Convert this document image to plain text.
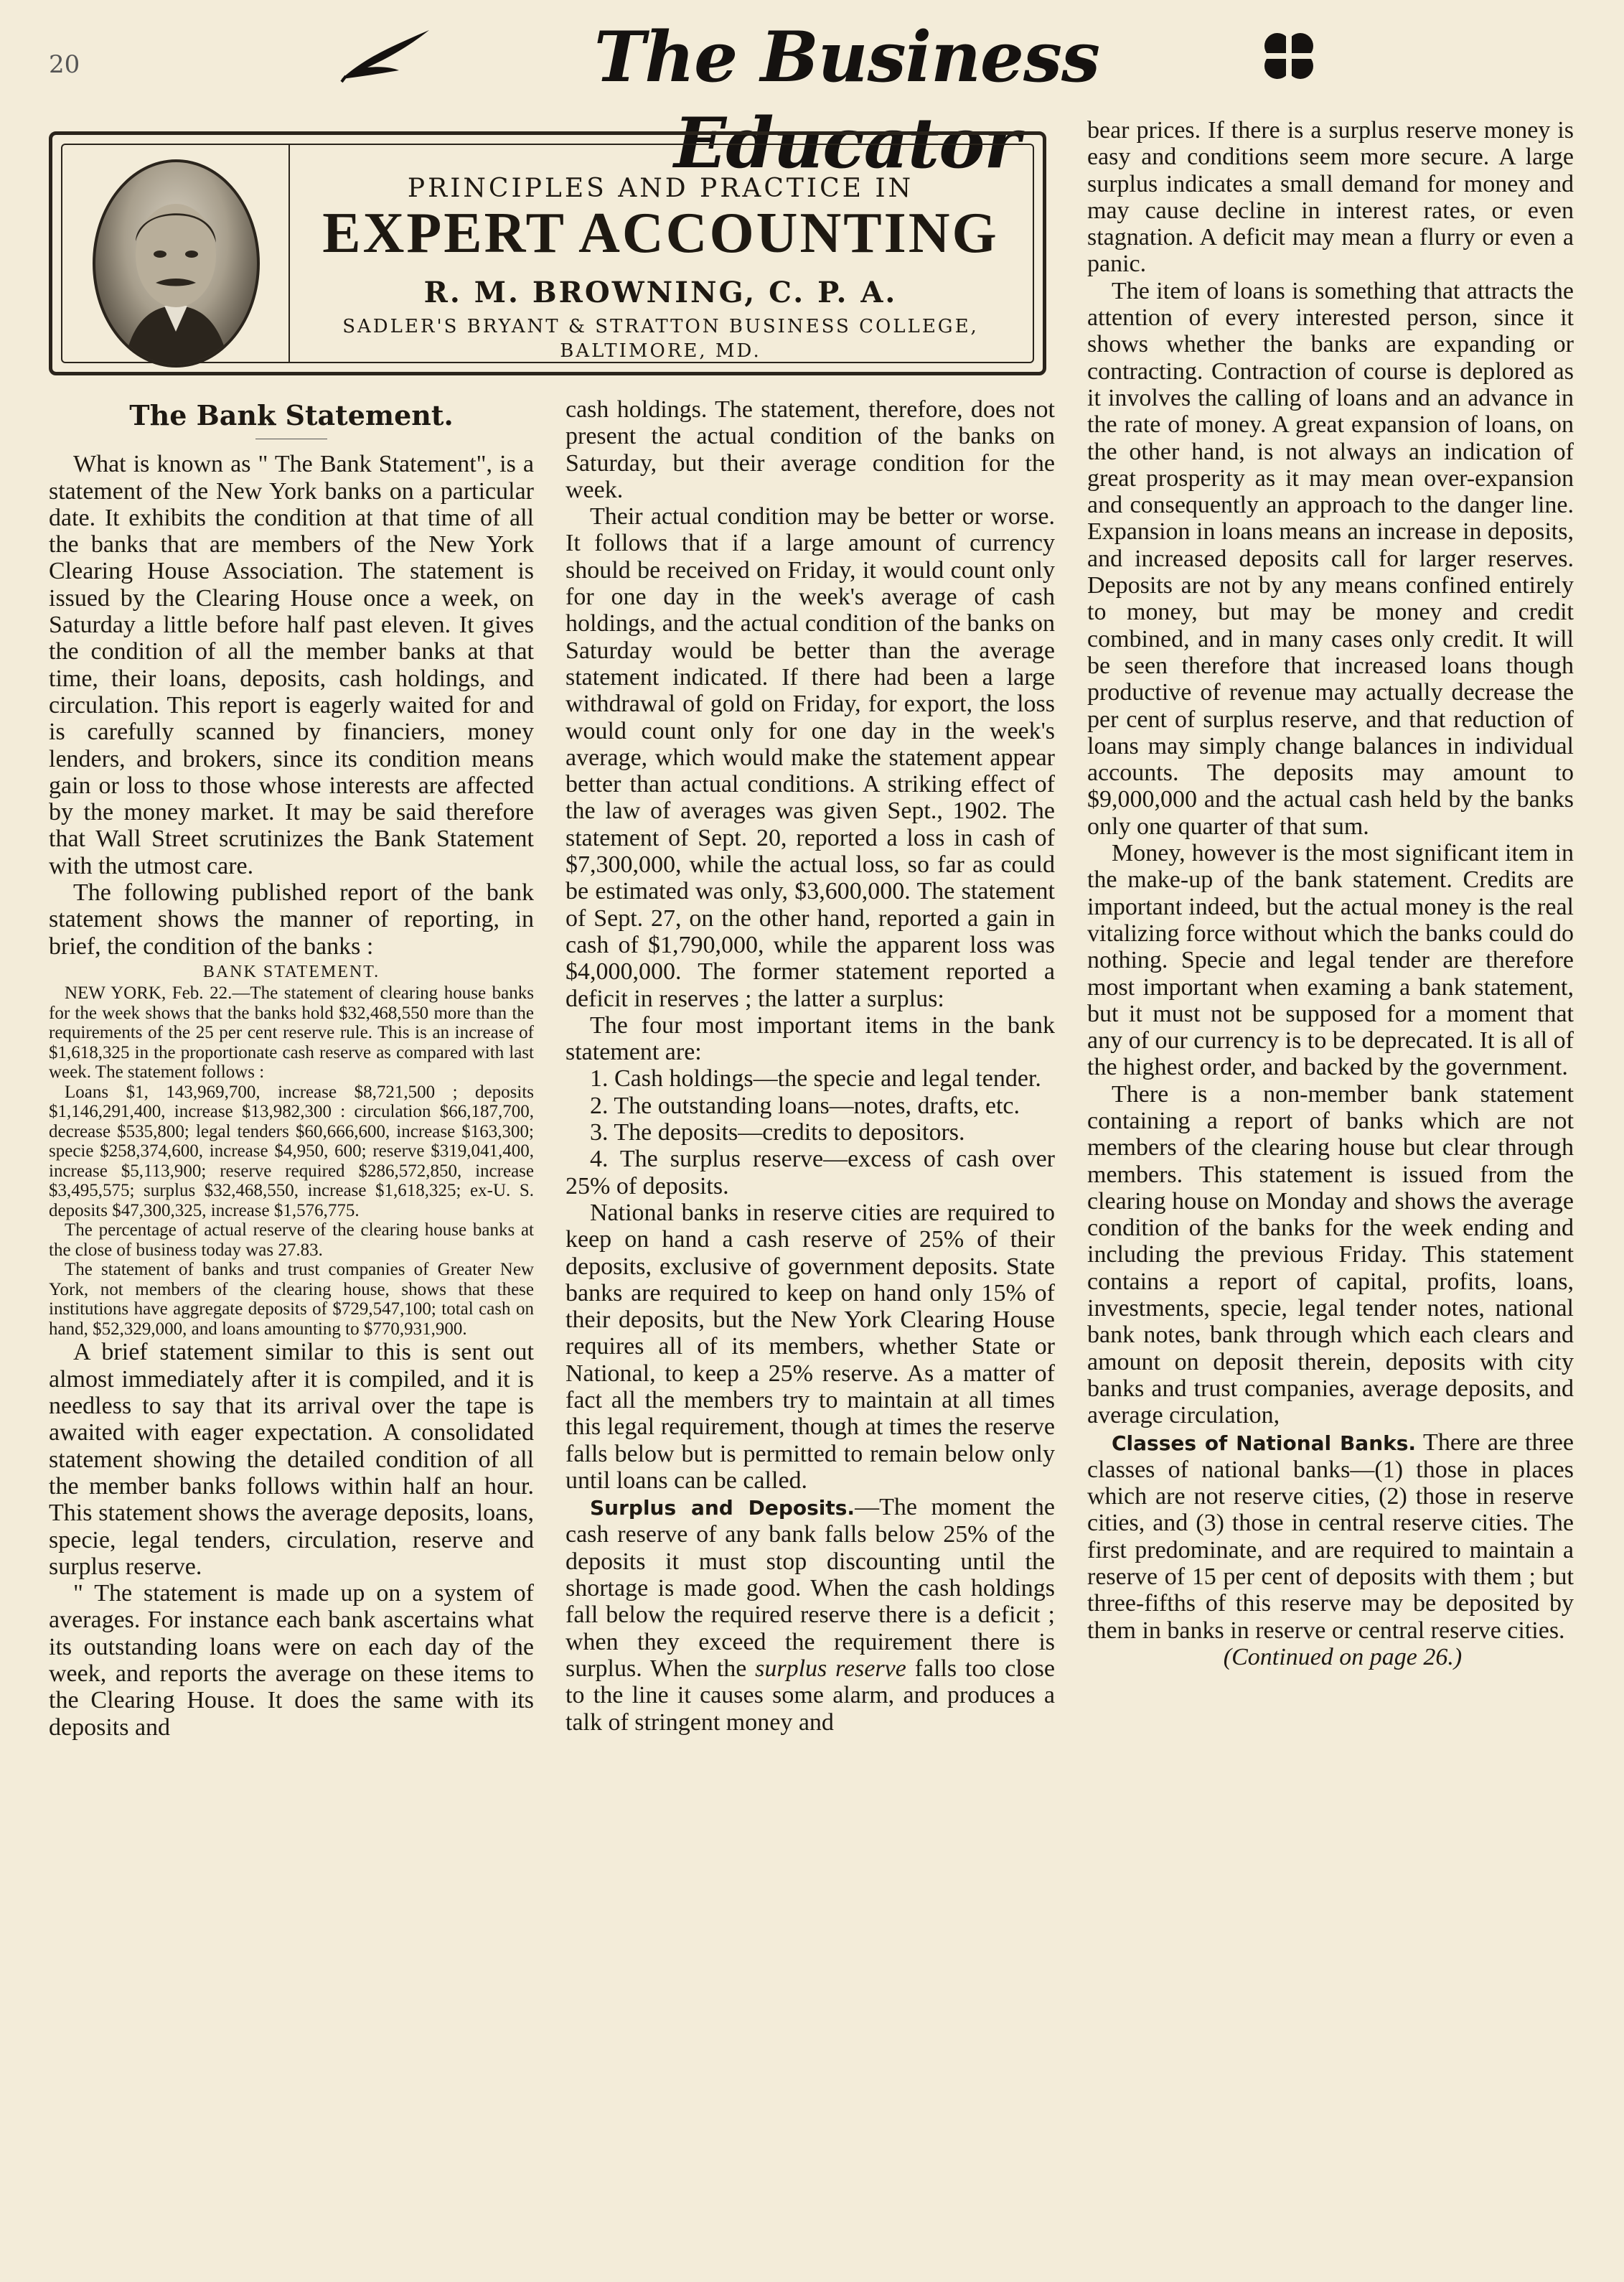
20	The Business Educator
PRINCIPLES AND PRACTICE IN
EXPERT ACCOUNTING
R. M. BROWNING, C. P. A.
SADLER'S BRYANT & STRATTON BUSINESS COLLEGE,
BALTIMORE, MD.
The Bank Statement.

What is known as " The Bank Statement", is a statement of the New York banks on a particular date. It exhibits the condition at that time of all the banks that are members of the New York Clearing House Association. The statement is issued by the Clearing House once a week, on Saturday a little before half past eleven. It gives the condition of all the member banks at that time, their loans, deposits, cash holdings, and circulation. This report is eagerly waited for and is carefully scanned by financiers, money lenders, and brokers, since its condition means gain or loss to those whose interests are affected by the money market. It may be said therefore that Wall Street scrutinizes the Bank Statement with the utmost care.

The following published report of the bank statement shows the manner of reporting, in brief, the condition of the banks :

BANK STATEMENT.

NEW YORK, Feb. 22.—The statement of clearing house banks for the week shows that the banks hold $32,468,550 more than the requirements of the 25 per cent reserve rule. This is an increase of $1,618,325 in the proportionate cash reserve as compared with last week. The statement follows :

Loans $1, 143,969,700, increase $8,721,500 ; deposits $1,146,291,400, increase $13,982,300 : circulation $66,187,700, decrease $535,800; legal tenders $60,666,600, increase $163,300; specie $258,374,600, increase $4,950, 600; reserve $319,041,400, increase $5,113,900; reserve required $286,572,850, increase $3,495,575; surplus $32,468,550, increase $1,618,325; ex-U. S. deposits $47,300,325, increase $1,576,775.

The percentage of actual reserve of the clearing house banks at the close of business today was 27.83.

The statement of banks and trust companies of Greater New York, not members of the clearing house, shows that these institutions have aggregate deposits of $729,547,100; total cash on hand, $52,329,000, and loans amounting to $770,931,900.

A brief statement similar to this is sent out almost immediately after it is compiled, and it is needless to say that its arrival over the tape is awaited with eager expectation. A consolidated statement showing the detailed condition of all the member banks follows within half an hour. This statement shows the average deposits, loans, specie, legal tenders, circulation, reserve and surplus reserve.

" The statement is made up on a system of averages. For instance each bank ascertains what its outstanding loans were on each day of the week, and reports the average on these items to the Clearing House. It does the same with its deposits and

cash holdings. The statement, therefore, does not present the actual condition of the banks on Saturday, but their average condition for the week.

Their actual condition may be better or worse. It follows that if a large amount of currency should be received on Friday, it would count only for one day in the week's average of cash holdings, and the actual condition of the banks on Saturday would be better than the average statement indicated. If there had been a large withdrawal of gold on Friday, for export, the loss would count only for one day in the week's average, which would make the statement appear better than actual conditions. A striking effect of the law of averages was given Sept., 1902. The statement of Sept. 20, reported a loss in cash of $7,300,000, while the actual loss, so far as could be estimated was only, $3,600,000. The statement of Sept. 27, on the other hand, reported a gain in cash of $1,790,000, while the apparent loss was $4,000,000. The former statement reported a deficit in reserves ; the latter a surplus:

The four most important items in the bank statement are:

1. Cash holdings—the specie and legal tender.

2. The outstanding loans—notes, drafts, etc.

3. The deposits—credits to depositors.

4. The surplus reserve—excess of cash over 25% of deposits.

National banks in reserve cities are required to keep on hand a cash reserve of 25% of their deposits, exclusive of government deposits. State banks are required to keep on hand only 15% of their deposits, but the New York Clearing House requires all of its members, whether State or National, to keep a 25% reserve. As a matter of fact all the members try to maintain at all times this legal requirement, though at times the reserve falls below but is permitted to remain below only until loans can be called.

Surplus and Deposits.—The moment the cash reserve of any bank falls below 25% of the deposits it must stop discounting until the shortage is made good. When the cash holdings fall below the required reserve there is a deficit ; when they exceed the requirement there is surplus. When the surplus reserve falls too close to the line it causes some alarm, and produces a talk of stringent money and

bear prices. If there is a surplus reserve money is easy and conditions seem more secure. A large surplus indicates a small demand for money and may cause decline in interest rates, or even stagnation. A deficit may mean a flurry or even a panic.

The item of loans is something that attracts the attention of every interested person, since it shows whether the banks are expanding or contracting. Contraction of course is deplored as it involves the calling of loans and an advance in the rate of money. A great expansion of loans, on the other hand, is not always an indication of great prosperity as it may mean over-expansion and consequently an approach to the danger line. Expansion in loans means an increase in deposits, and increased deposits call for larger reserves. Deposits are not by any means confined entirely to money, but may be money and credit combined, and in many cases only credit. It will be seen therefore that increased loans though productive of revenue may actually decrease the per cent of surplus reserve, and that reduction of loans may simply change balances in individual accounts. The deposits may amount to $9,000,000 and the actual cash held by the banks only one quarter of that sum.

Money, however is the most significant item in the make-up of the bank statement. Credits are important indeed, but the actual money is the real vitalizing force without which the banks could do nothing. Specie and legal tender are therefore most important when examing a bank statement, but it must not be supposed for a moment that any of our currency is to be deprecated. It is all of the highest order, and backed by the government.

There is a non-member bank statement containing a report of banks which are not members of the clearing house but clear through members. This statement is issued from the clearing house on Monday and shows the average condition of the banks for the week ending and including the previous Friday. This statement contains a report of capital, profits, loans, investments, specie, legal tender notes, national bank notes, bank through which each clears and amount on deposit therein, deposits with city banks and trust companies, average deposits, and average circulation,

Classes of National Banks. There are three classes of national banks—(1) those in places which are not reserve cities, (2) those in reserve cities, and (3) those in central reserve cities. The first predominate, and are required to maintain a reserve of 15 per cent of deposits with them ; but three-fifths of this reserve may be deposited by them in banks in reserve or central reserve cities.

(Continued on page 26.)
